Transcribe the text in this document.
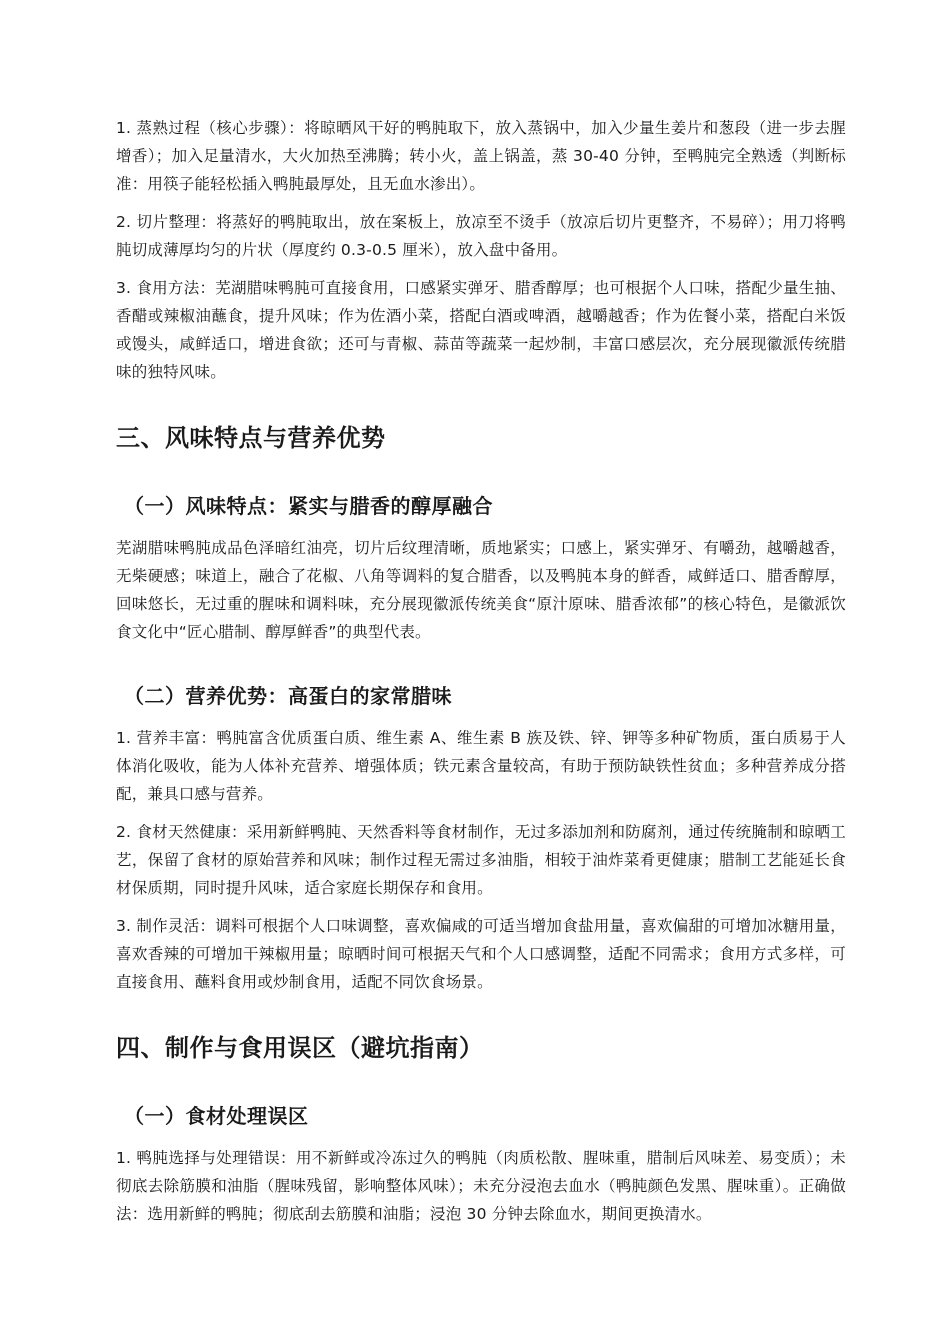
1. 蒸熟过程（核心步骤）：将晾晒风干好的鸭肫取下，放入蒸锅中，加入少量生姜片和葱段（进一步去腥增香）；加入足量清水，大火加热至沸腾；转小火，盖上锅盖，蒸 30-40 分钟，至鸭肫完全熟透（判断标准：用筷子能轻松插入鸭肫最厚处，且无血水渗出）。

2. 切片整理：将蒸好的鸭肫取出，放在案板上，放凉至不烫手（放凉后切片更整齐，不易碎）；用刀将鸭肫切成薄厚均匀的片状（厚度约 0.3-0.5 厘米），放入盘中备用。

3. 食用方法：芜湖腊味鸭肫可直接食用，口感紧实弹牙、腊香醇厚；也可根据个人口味，搭配少量生抽、香醋或辣椒油蘸食，提升风味；作为佐酒小菜，搭配白酒或啤酒，越嚼越香；作为佐餐小菜，搭配白米饭或馒头，咸鲜适口，增进食欲；还可与青椒、蒜苗等蔬菜一起炒制，丰富口感层次，充分展现徽派传统腊味的独特风味。

三、风味特点与营养优势
（一）风味特点：紧实与腊香的醇厚融合

芜湖腊味鸭肫成品色泽暗红油亮，切片后纹理清晰，质地紧实；口感上，紧实弹牙、有嚼劲，越嚼越香，无柴硬感；味道上，融合了花椒、八角等调料的复合腊香，以及鸭肫本身的鲜香，咸鲜适口、腊香醇厚，回味悠长，无过重的腥味和调料味，充分展现徽派传统美食“原汁原味、腊香浓郁”的核心特色，是徽派饮食文化中“匠心腊制、醇厚鲜香”的典型代表。

（二）营养优势：高蛋白的家常腊味

1. 营养丰富：鸭肫富含优质蛋白质、维生素 A、维生素 B 族及铁、锌、钾等多种矿物质，蛋白质易于人体消化吸收，能为人体补充营养、增强体质；铁元素含量较高，有助于预防缺铁性贫血；多种营养成分搭配，兼具口感与营养。

2. 食材天然健康：采用新鲜鸭肫、天然香料等食材制作，无过多添加剂和防腐剂，通过传统腌制和晾晒工艺，保留了食材的原始营养和风味；制作过程无需过多油脂，相较于油炸菜肴更健康；腊制工艺能延长食材保质期，同时提升风味，适合家庭长期保存和食用。

3. 制作灵活：调料可根据个人口味调整，喜欢偏咸的可适当增加食盐用量，喜欢偏甜的可增加冰糖用量，喜欢香辣的可增加干辣椒用量；晾晒时间可根据天气和个人口感调整，适配不同需求；食用方式多样，可直接食用、蘸料食用或炒制食用，适配不同饮食场景。

四、制作与食用误区（避坑指南）
（一）食材处理误区

1. 鸭肫选择与处理错误：用不新鲜或冷冻过久的鸭肫（肉质松散、腥味重，腊制后风味差、易变质）；未彻底去除筋膜和油脂（腥味残留，影响整体风味）；未充分浸泡去血水（鸭肫颜色发黑、腥味重）。正确做法：选用新鲜的鸭肫；彻底刮去筋膜和油脂；浸泡 30 分钟去除血水，期间更换清水。
